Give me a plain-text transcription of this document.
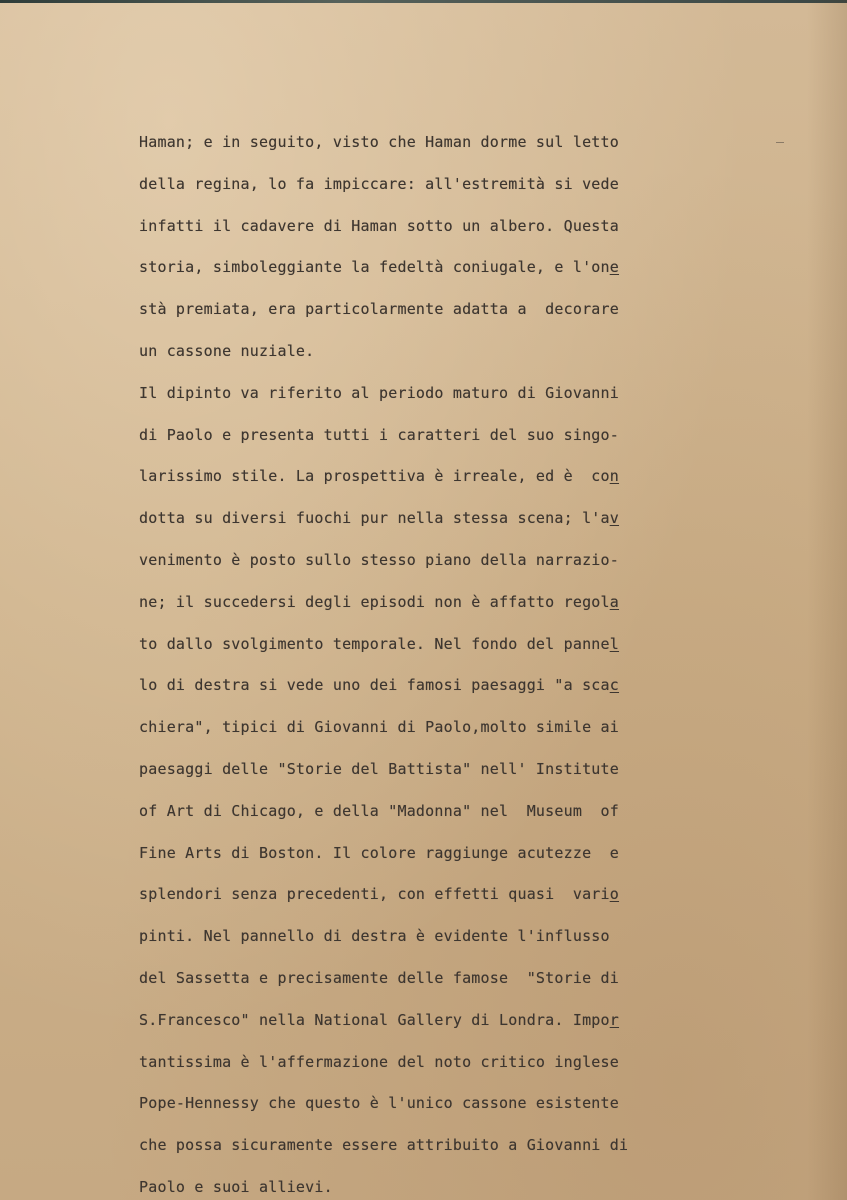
Haman; e in seguito, visto che Haman dorme sul letto
della regina, lo fa impiccare: all'estremità si vede
infatti il cadavere di Haman sotto un albero. Questa
storia, simboleggiante la fedeltà coniugale, e l'one
stà premiata, era particolarmente adatta a  decorare
un cassone nuziale.
Il dipinto va riferito al periodo maturo di Giovanni
di Paolo e presenta tutti i caratteri del suo singo-
larissimo stile. La prospettiva è irreale, ed è  con
dotta su diversi fuochi pur nella stessa scena; l'av
venimento è posto sullo stesso piano della narrazio-
ne; il succedersi degli episodi non è affatto regola
to dallo svolgimento temporale. Nel fondo del pannel
lo di destra si vede uno dei famosi paesaggi "a scac
chiera", tipici di Giovanni di Paolo,molto simile ai
paesaggi delle "Storie del Battista" nell' Institute
of Art di Chicago, e della "Madonna" nel  Museum  of
Fine Arts di Boston. Il colore raggiunge acutezze  e
splendori senza precedenti, con effetti quasi  vario
pinti. Nel pannello di destra è evidente l'influsso
del Sassetta e precisamente delle famose  "Storie di
S.Francesco" nella National Gallery di Londra. Impor
tantissima è l'affermazione del noto critico inglese
Pope-Hennessy che questo è l'unico cassone esistente
che possa sicuramente essere attribuito a Giovanni di
Paolo e suoi allievi.
